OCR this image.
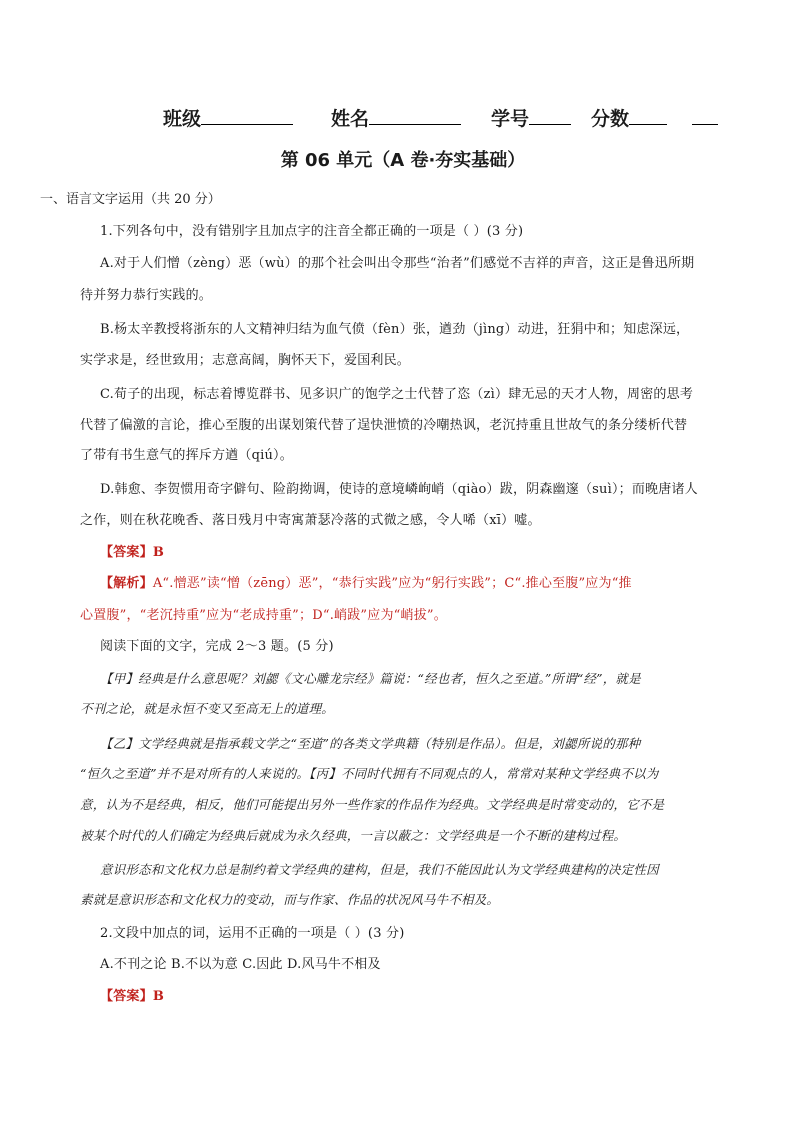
班级	姓名	学号	分数
第 06 单元（A 卷·夯实基础）
一、语言文字运用（共 20 分）
1.下列各句中，没有错别字且加点字的注音全都正确的一项是（ ）(3 分)
A.对于人们憎（zèng）恶（wù）的那个社会叫出令那些“治者”们感觉不吉祥的声音，这正是鲁迅所期
待并努力恭行实践的。
B.杨太辛教授将浙东的人文精神归结为血气偾（fèn）张，遒劲（jìng）动进，狂狷中和；知虑深远，
实学求是，经世致用；志意高阔，胸怀天下，爱国利民。
C.荀子的出现，标志着博览群书、见多识广的饱学之士代替了恣（zì）肆无忌的天才人物，周密的思考
代替了偏激的言论，推心至腹的出谋划策代替了逞快泄愤的冷嘲热讽，老沉持重且世故气的条分缕析代替
了带有书生意气的挥斥方遒（qiú）。
D.韩愈、李贺惯用奇字僻句、险韵拗调，使诗的意境嶙峋峭（qiào）跋，阴森幽邃（suì）；而晚唐诸人
之作，则在秋花晚香、落日残月中寄寓萧瑟冷落的式微之感，令人唏（xī）嘘。
【答案】B
【解析】A“.憎恶”读“憎（zēng）恶”，“恭行实践”应为“躬行实践”；C“.推心至腹”应为“推
心置腹”，“老沉持重”应为“老成持重”；D“.峭跋”应为“峭拔”。
阅读下面的文字，完成 2～3 题。(5 分)
【甲】经典是什么意思呢？刘勰《文心雕龙宗经》篇说：“经也者，恒久之至道。”所谓“经”，就是
不刊之论，就是永恒不变又至高无上的道理。
【乙】文学经典就是指承载文学之“至道”的各类文学典籍（特别是作品）。但是，刘勰所说的那种
“恒久之至道”并不是对所有的人来说的。【丙】不同时代拥有不同观点的人，常常对某种文学经典不以为
意，认为不是经典，相反，他们可能提出另外一些作家的作品作为经典。文学经典是时常变动的，它不是
被某个时代的人们确定为经典后就成为永久经典，一言以蔽之：文学经典是一个不断的建构过程。
意识形态和文化权力总是制约着文学经典的建构，但是，我们不能因此认为文学经典建构的决定性因
素就是意识形态和文化权力的变动，而与作家、作品的状况风马牛不相及。
2.文段中加点的词，运用不正确的一项是（ ）(3 分)
A.不刊之论 B.不以为意 C.因此 D.风马牛不相及
【答案】B
